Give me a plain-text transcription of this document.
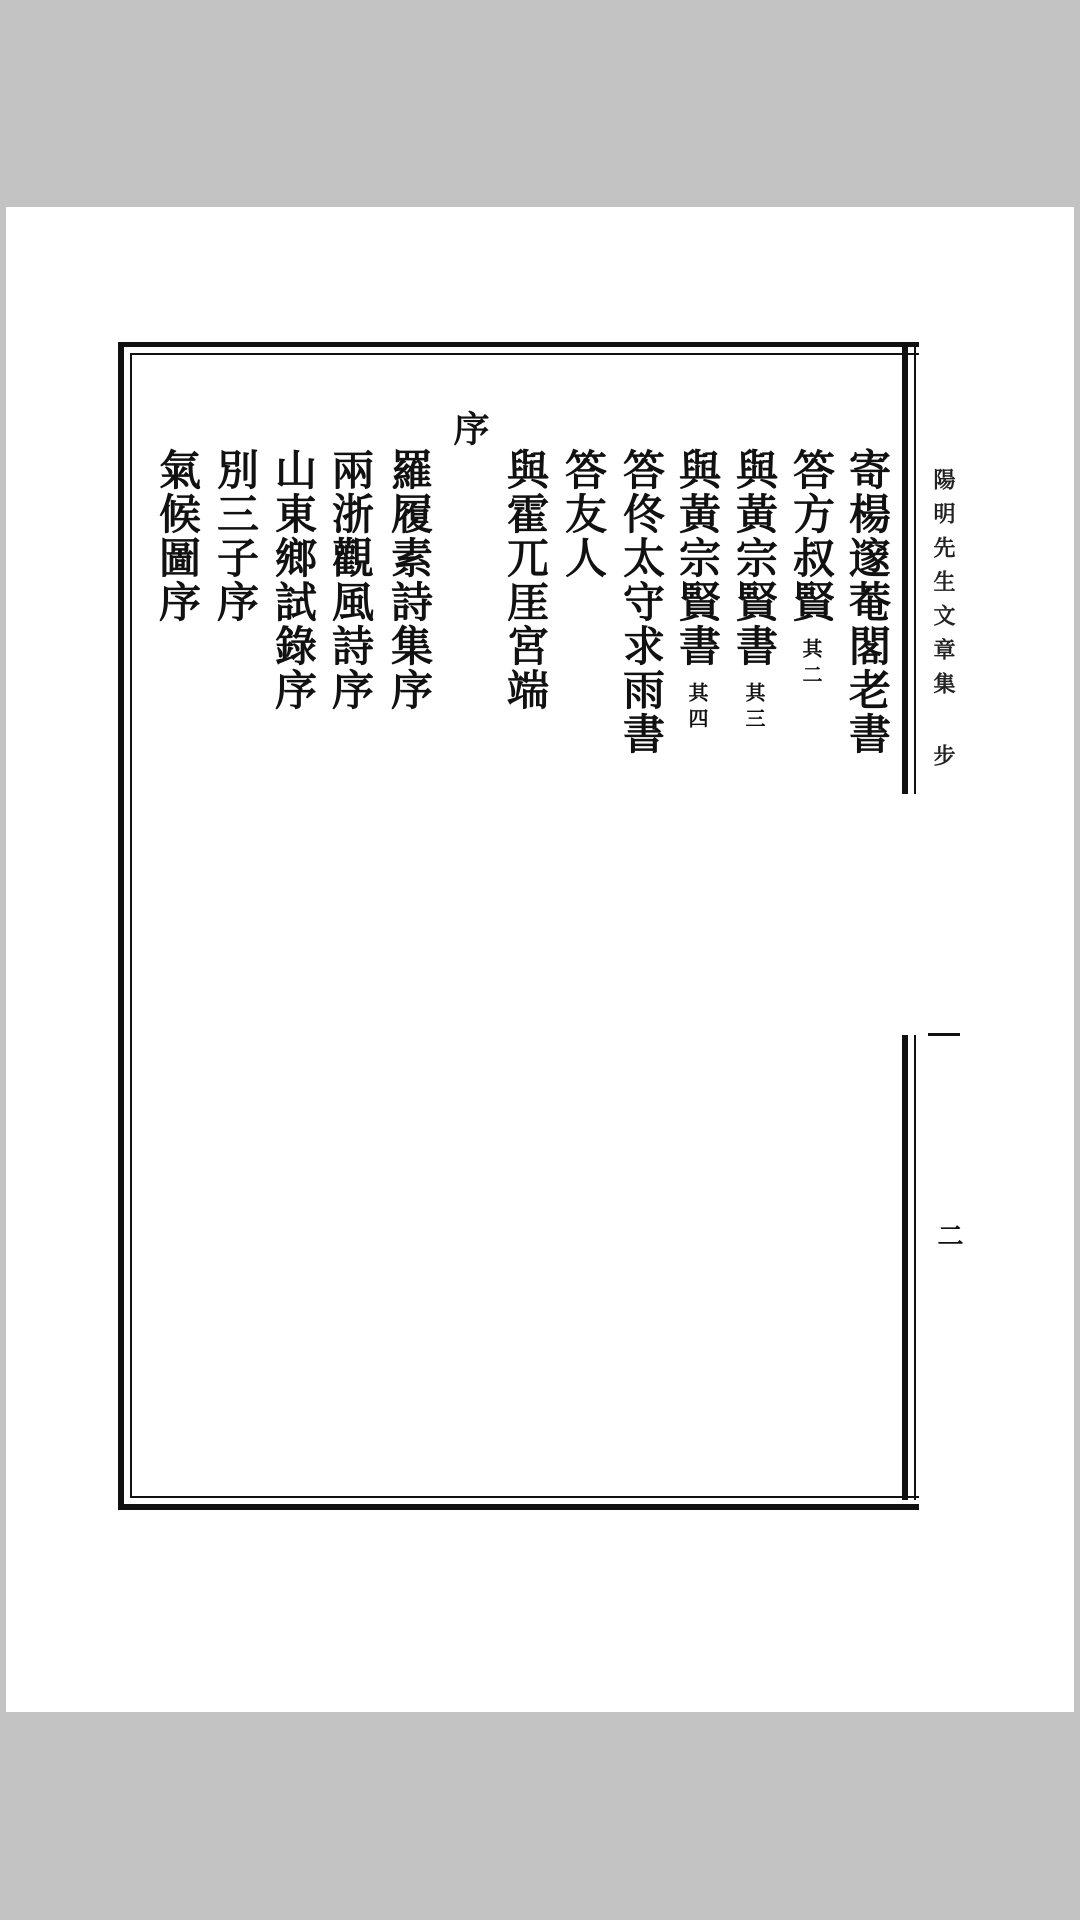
陽明先生文章集 步
二
序
寄楊邃菴閣老書
答方叔賢其二
與黃宗賢書其三
與黃宗賢書其四
答佟太守求雨書
答友人
與霍兀厓宮端
羅履素詩集序
兩浙觀風詩序
山東鄉試錄序
別三子序
氣候圖序
